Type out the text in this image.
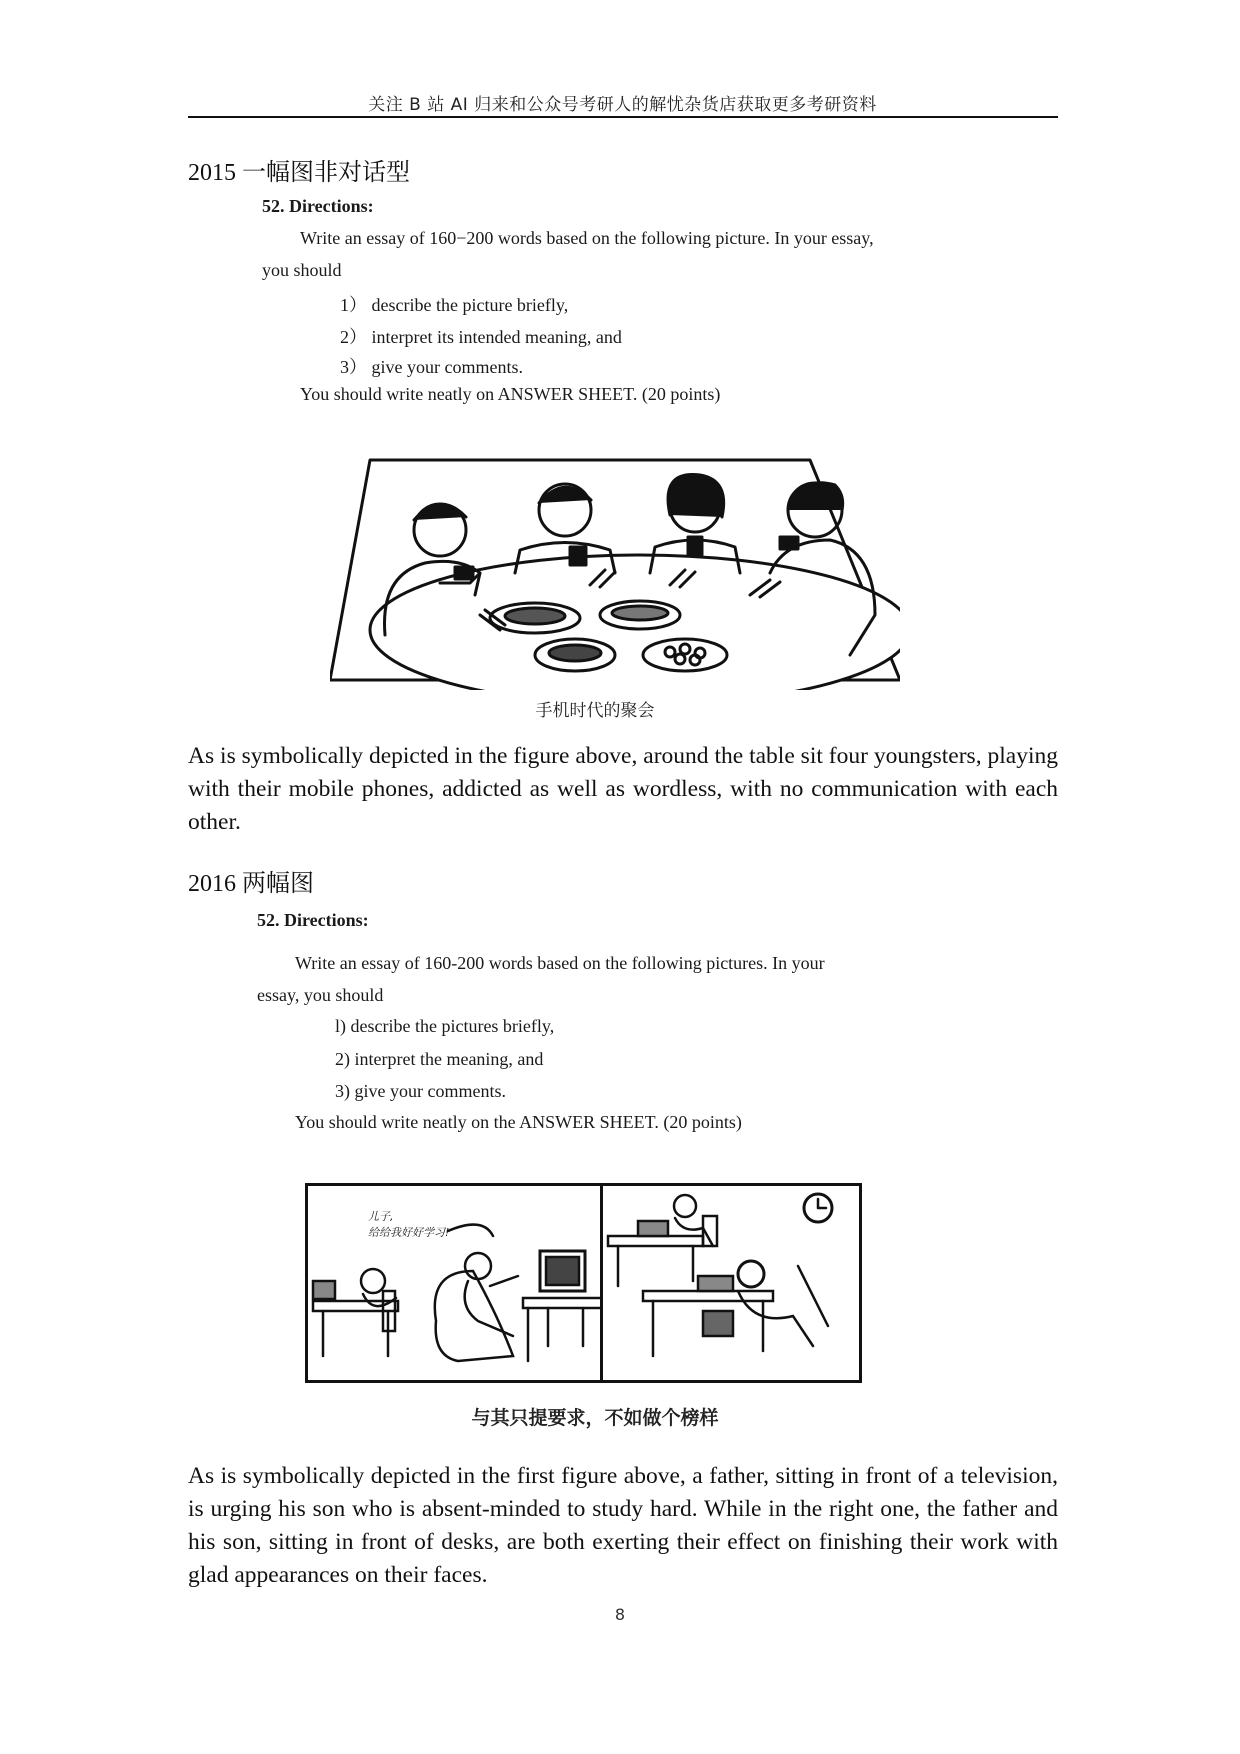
关注 B 站 AI 归来和公众号考研人的解忧杂货店获取更多考研资料
2015 一幅图非对话型
52. Directions:
Write an essay of 160−200 words based on the following picture. In your essay,
you should
1） describe the picture briefly,
2） interpret its intended meaning, and
3） give your comments.
You should write neatly on ANSWER SHEET. (20 points)
手机时代的聚会
As is symbolically depicted in the figure above, around the table sit four youngsters, playing with their mobile phones, addicted as well as wordless, with no communication with each other.
2016 两幅图
52. Directions:
Write an essay of 160-200 words based on the following pictures. In your
essay, you should
l) describe the pictures briefly,
2) interpret the meaning, and
3) give your comments.
You should write neatly on the ANSWER SHEET. (20 points)
儿子,
给给我好好学习!
与其只提要求，不如做个榜样
As is symbolically depicted in the first figure above, a father, sitting in front of a television, is urging his son who is absent-minded to study hard. While in the right one, the father and his son, sitting in front of desks, are both exerting their effect on finishing their work with glad appearances on their faces.
8
